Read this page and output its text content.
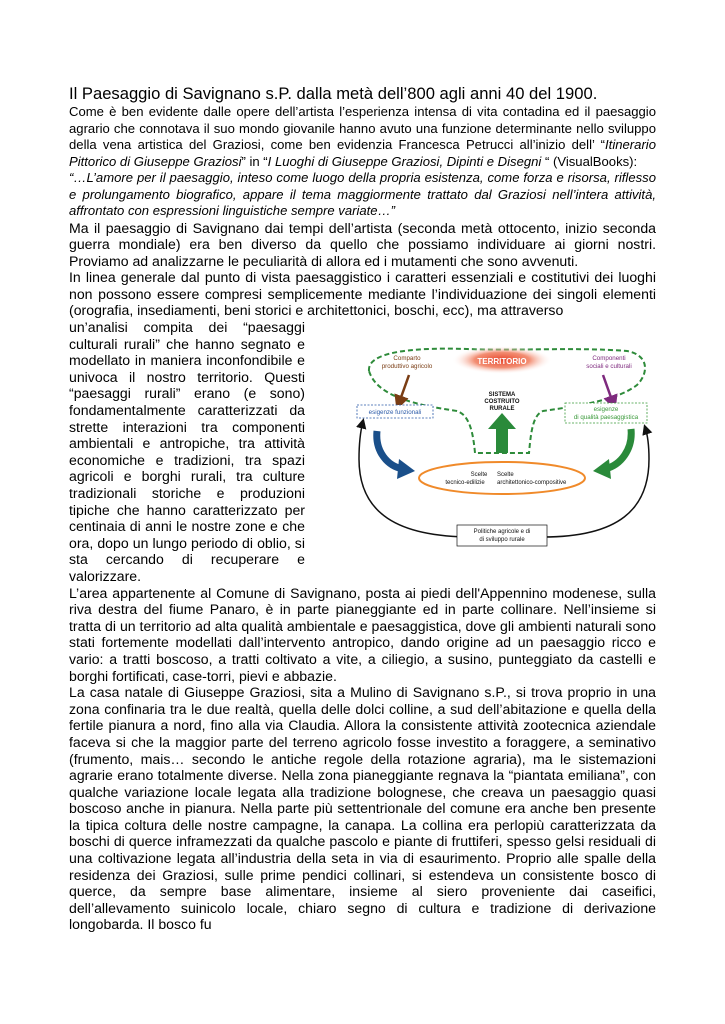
Il Paesaggio di Savignano s.P. dalla metà dell’800 agli anni 40 del 1900.

Come è ben evidente dalle opere dell’artista l’esperienza intensa di vita contadina ed il paesaggio agrario che connotava il suo mondo giovanile hanno avuto una funzione determinante nello sviluppo della vena artistica del Graziosi, come ben evidenzia Francesca Petrucci all’inizio dell’ “Itinerario Pittorico di Giuseppe Graziosi” in “I Luoghi di Giuseppe Graziosi, Dipinti e Disegni “ (VisualBooks):

“…L’amore per il paesaggio, inteso come luogo della propria esistenza, come forza e risorsa, riflesso e prolungamento biografico, appare il tema maggiormente trattato dal Graziosi nell’intera attività, affrontato con espressioni linguistiche sempre variate…”

Ma il paesaggio di Savignano dai tempi dell’artista (seconda metà ottocento, inizio seconda guerra mondiale) era ben diverso da quello che possiamo individuare ai giorni nostri. Proviamo ad analizzarne le peculiarità di allora ed i mutamenti che sono avvenuti.

In linea generale dal punto di vista paesaggistico i caratteri essenziali e costitutivi dei luoghi non possono essere compresi semplicemente mediante l’individuazione dei singoli elementi (orografia, insediamenti, beni storici e architettonici, boschi, ecc), ma attraverso

un’analisi compita dei “paesaggi culturali rurali” che hanno segnato e modellato in maniera inconfondibile e univoca il nostro territorio. Questi “paesaggi rurali” erano (e sono) fondamentalmente caratterizzati da strette interazioni tra componenti ambientali e antropiche, tra attività economiche e tradizioni, tra spazi agricoli e borghi rurali, tra culture tradizionali storiche e produzioni tipiche che hanno caratterizzato per centinaia di anni le nostre zone e che ora, dopo un lungo periodo di oblio, si sta cercando di recuperare e valorizzare.

TERRITORIO
Comparto
produttivo agricolo
Componenti
sociali e culturali
SISTEMA
COSTRUITO
RURALE
esigenze funzionali	esigenze
di qualità paesaggistica
Scelte
tecnico-edilizie
Scelte
architettonico-compositive
Politiche agricole e di
di sviluppo rurale

L’area appartenente al Comune di Savignano, posta ai piedi dell'Appennino modenese, sulla riva destra del fiume Panaro, è in parte pianeggiante ed in parte collinare. Nell’insieme si tratta di un territorio ad alta qualità ambientale e paesaggistica, dove gli ambienti naturali sono stati fortemente modellati dall’intervento antropico, dando origine ad un paesaggio ricco e vario: a tratti boscoso, a tratti coltivato a vite, a ciliegio, a susino, punteggiato da castelli e borghi fortificati, case-torri, pievi e abbazie.

La casa natale di Giuseppe Graziosi, sita a Mulino di Savignano s.P., si trova proprio in una zona confinaria tra le due realtà, quella delle dolci colline, a sud dell’abitazione e quella della fertile pianura a nord, fino alla via Claudia. Allora la consistente attività zootecnica aziendale faceva si che la maggior parte del terreno agricolo fosse investito a foraggere, a seminativo (frumento, mais… secondo le antiche regole della rotazione agraria), ma le sistemazioni agrarie erano totalmente diverse. Nella zona pianeggiante regnava la “piantata emiliana”, con qualche variazione locale legata alla tradizione bolognese, che creava un paesaggio quasi boscoso anche in pianura. Nella parte più settentrionale del comune era anche ben presente la tipica coltura delle nostre campagne, la canapa. La collina era perlopiù caratterizzata da boschi di querce inframezzati da qualche pascolo e piante di fruttiferi, spesso gelsi residuali di una coltivazione legata all’industria della seta in via di esaurimento. Proprio alle spalle della residenza dei Graziosi, sulle prime pendici collinari, si estendeva un consistente bosco di querce, da sempre base alimentare, insieme al siero proveniente dai caseifici, dell’allevamento suinicolo locale, chiaro segno di cultura e tradizione di derivazione longobarda. Il bosco fu
